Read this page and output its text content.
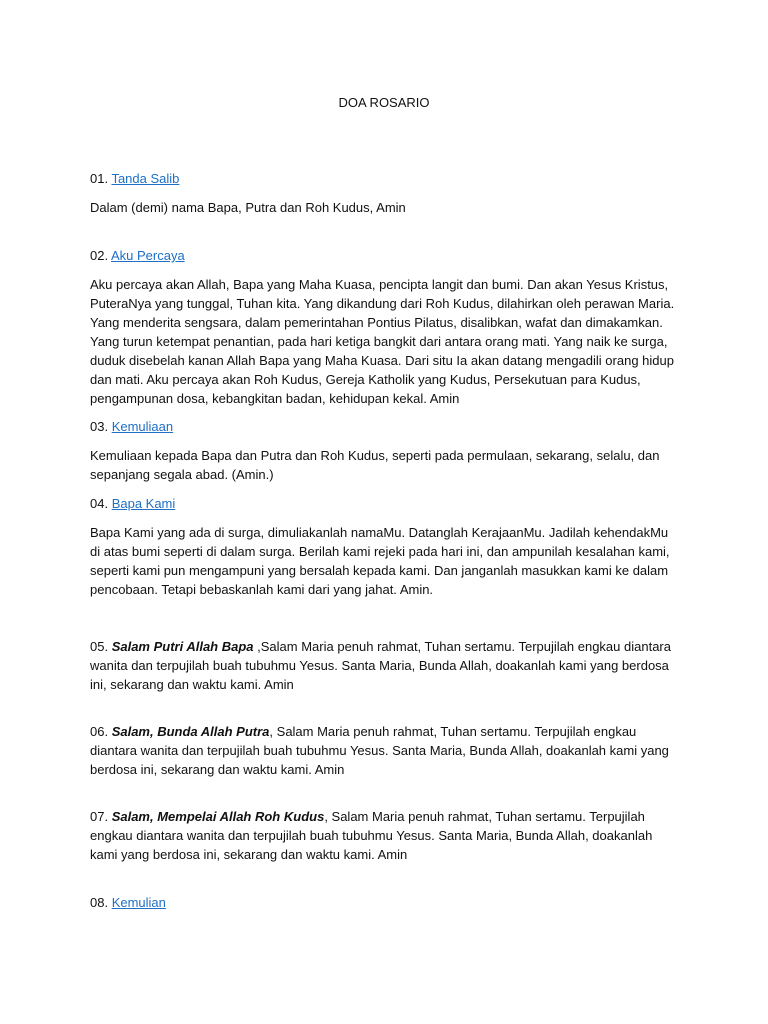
DOA ROSARIO

01. Tanda Salib

Dalam (demi) nama Bapa, Putra dan Roh Kudus, Amin

02. Aku Percaya

Aku percaya akan Allah, Bapa yang Maha Kuasa, pencipta langit dan bumi. Dan akan Yesus Kristus, PuteraNya yang tunggal, Tuhan kita. Yang dikandung dari Roh Kudus, dilahirkan oleh perawan Maria. Yang menderita sengsara, dalam pemerintahan Pontius Pilatus, disalibkan, wafat dan dimakamkan. Yang turun ketempat penantian, pada hari ketiga bangkit dari antara orang mati. Yang naik ke surga, duduk disebelah kanan Allah Bapa yang Maha Kuasa. Dari situ Ia akan datang mengadili orang hidup dan mati. Aku percaya akan Roh Kudus, Gereja Katholik yang Kudus, Persekutuan para Kudus, pengampunan dosa, kebangkitan badan, kehidupan kekal. Amin

03. Kemuliaan

Kemuliaan kepada Bapa dan Putra dan Roh Kudus, seperti pada permulaan, sekarang, selalu, dan sepanjang segala abad. (Amin.)

04. Bapa Kami

Bapa Kami yang ada di surga, dimuliakanlah namaMu. Datanglah KerajaanMu. Jadilah kehendakMu di atas bumi seperti di dalam surga. Berilah kami rejeki pada hari ini, dan ampunilah kesalahan kami, seperti kami pun mengampuni yang bersalah kepada kami. Dan janganlah masukkan kami ke dalam pencobaan. Tetapi bebaskanlah kami dari yang jahat. Amin.

05. Salam Putri Allah Bapa ,Salam Maria penuh rahmat, Tuhan sertamu. Terpujilah engkau diantara wanita dan terpujilah buah tubuhmu Yesus. Santa Maria, Bunda Allah, doakanlah kami yang berdosa ini, sekarang dan waktu kami. Amin

06. Salam, Bunda Allah Putra, Salam Maria penuh rahmat, Tuhan sertamu. Terpujilah engkau diantara wanita dan terpujilah buah tubuhmu Yesus. Santa Maria, Bunda Allah, doakanlah kami yang berdosa ini, sekarang dan waktu kami. Amin

07. Salam, Mempelai Allah Roh Kudus, Salam Maria penuh rahmat, Tuhan sertamu. Terpujilah engkau diantara wanita dan terpujilah buah tubuhmu Yesus. Santa Maria, Bunda Allah, doakanlah kami yang berdosa ini, sekarang dan waktu kami. Amin

08. Kemulian
